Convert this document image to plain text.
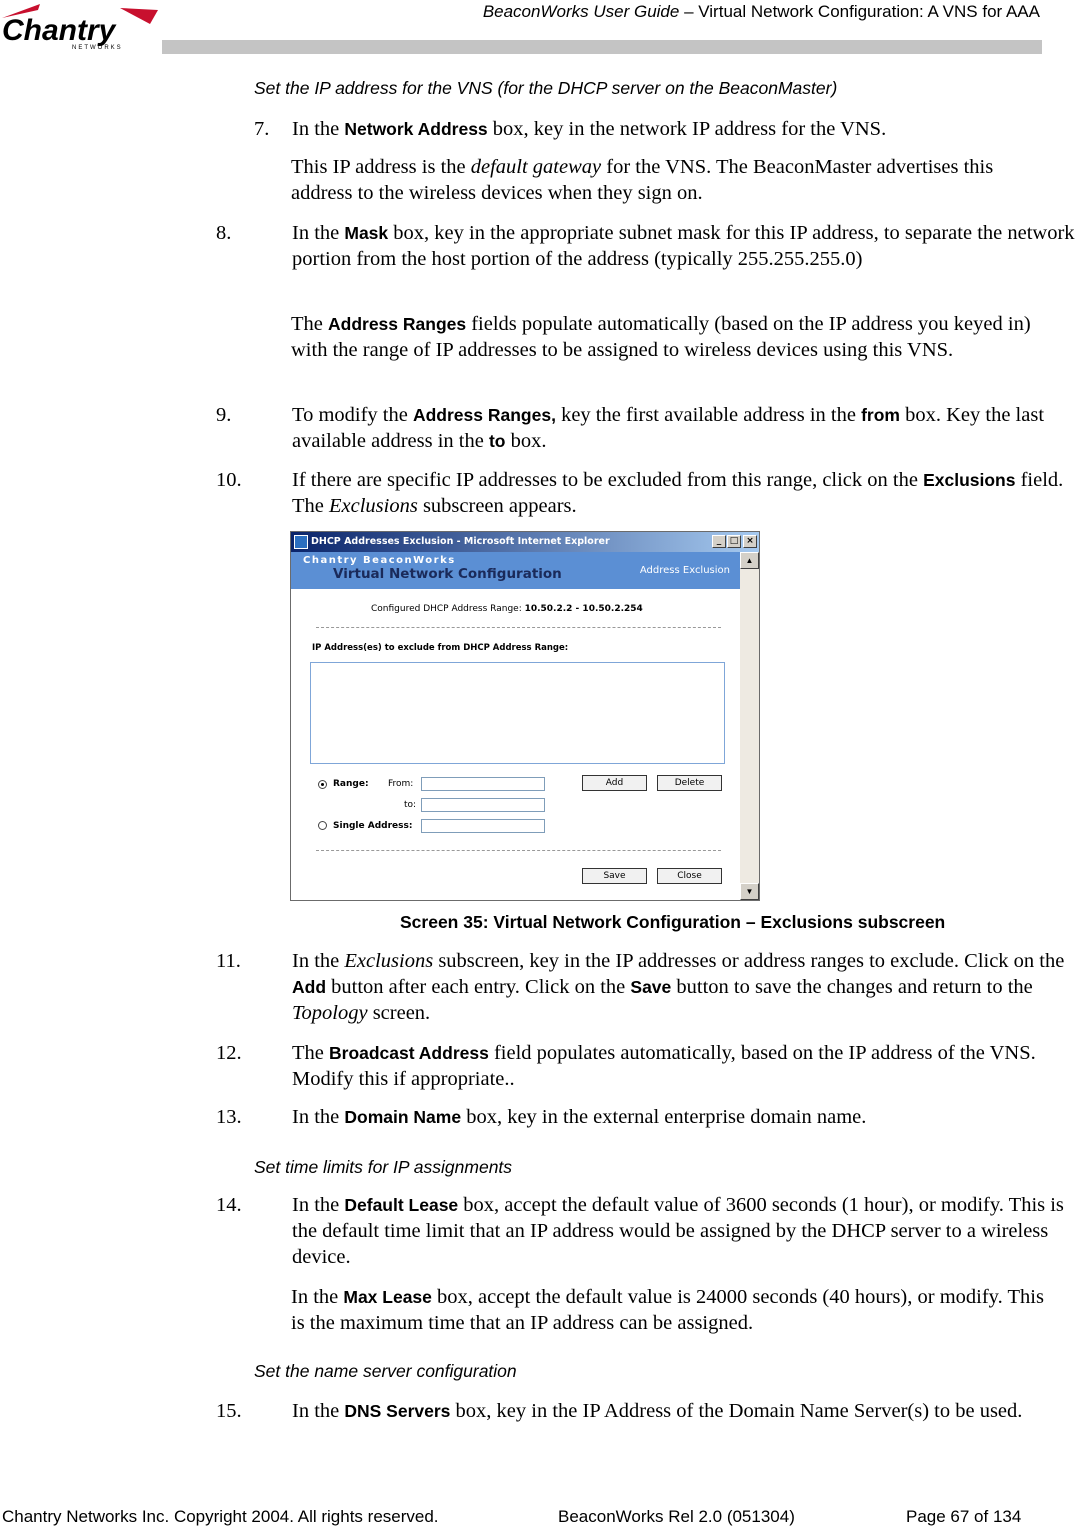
Chantry
NETWORKS
BeaconWorks User Guide – Virtual Network Configuration: A VNS for AAA
Set the IP address for the VNS (for the DHCP server on the BeaconMaster)
7. In the Network Address box, key in the network IP address for the VNS.
This IP address is the default gateway for the VNS. The BeaconMaster advertises this address to the wireless devices when they sign on.
8.	In the Mask box, key in the appropriate subnet mask for this IP address, to separate the network portion from the host portion of the address (typically 255.255.255.0)
The Address Ranges fields populate automatically (based on the IP address you keyed in) with the range of IP addresses to be assigned to wireless devices using this VNS.
9.	To modify the Address Ranges, key the first available address in the from box. Key the last available address in the to box.
10. If there are specific IP addresses to be excluded from this range, click on the Exclusions field. The Exclusions subscreen appears.
DHCP Addresses Exclusion - Microsoft Internet Explorer	_ □ ×
Chantry BeaconWorks
Virtual Network Configuration	Address Exclusion
▲
▼
Configured DHCP Address Range: 10.50.2.2 - 10.50.2.254
IP Address(es) to exclude from DHCP Address Range:
Range: From:
to:
Single Address:
Add	Delete
Save	Close
Screen 35: Virtual Network Configuration – Exclusions subscreen
11. In the Exclusions subscreen, key in the IP addresses or address ranges to exclude. Click on the Add button after each entry. Click on the Save button to save the changes and return to the Topology screen.
12. The Broadcast Address field populates automatically, based on the IP address of the VNS. Modify this if appropriate..
13. In the Domain Name box, key in the external enterprise domain name.
Set time limits for IP assignments
14. In the Default Lease box, accept the default value of 3600 seconds (1 hour), or modify. This is the default time limit that an IP address would be assigned by the DHCP server to a wireless device.
In the Max Lease box, accept the default value is 24000 seconds (40 hours), or modify. This is the maximum time that an IP address can be assigned.
Set the name server configuration
15. In the DNS Servers box, key in the IP Address of the Domain Name Server(s) to be used.
Chantry Networks Inc. Copyright 2004. All rights reserved.	BeaconWorks Rel 2.0 (051304)	Page 67 of 134
